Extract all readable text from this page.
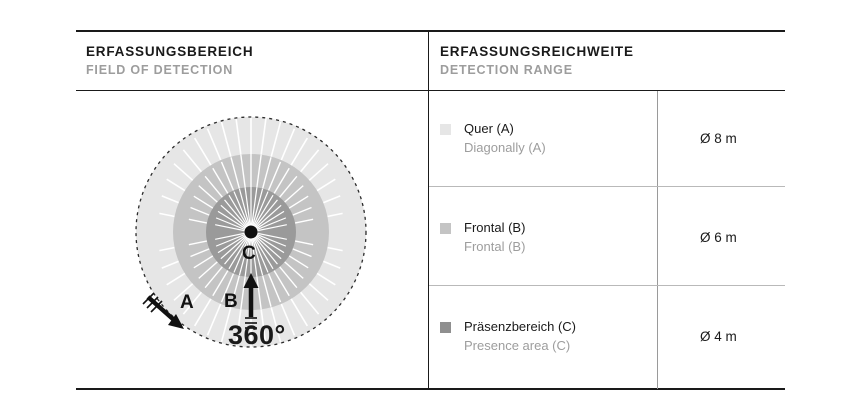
ERFASSUNGSBEREICH
FIELD OF DETECTION
ERFASSUNGSREICHWEITE
DETECTION RANGE
C
B
A
360°
Quer (A)
Diagonally (A)
Ø 8 m
Frontal (B)
Frontal (B)
Ø 6 m
Präsenzbereich (C)
Presence area (C)
Ø 4 m
